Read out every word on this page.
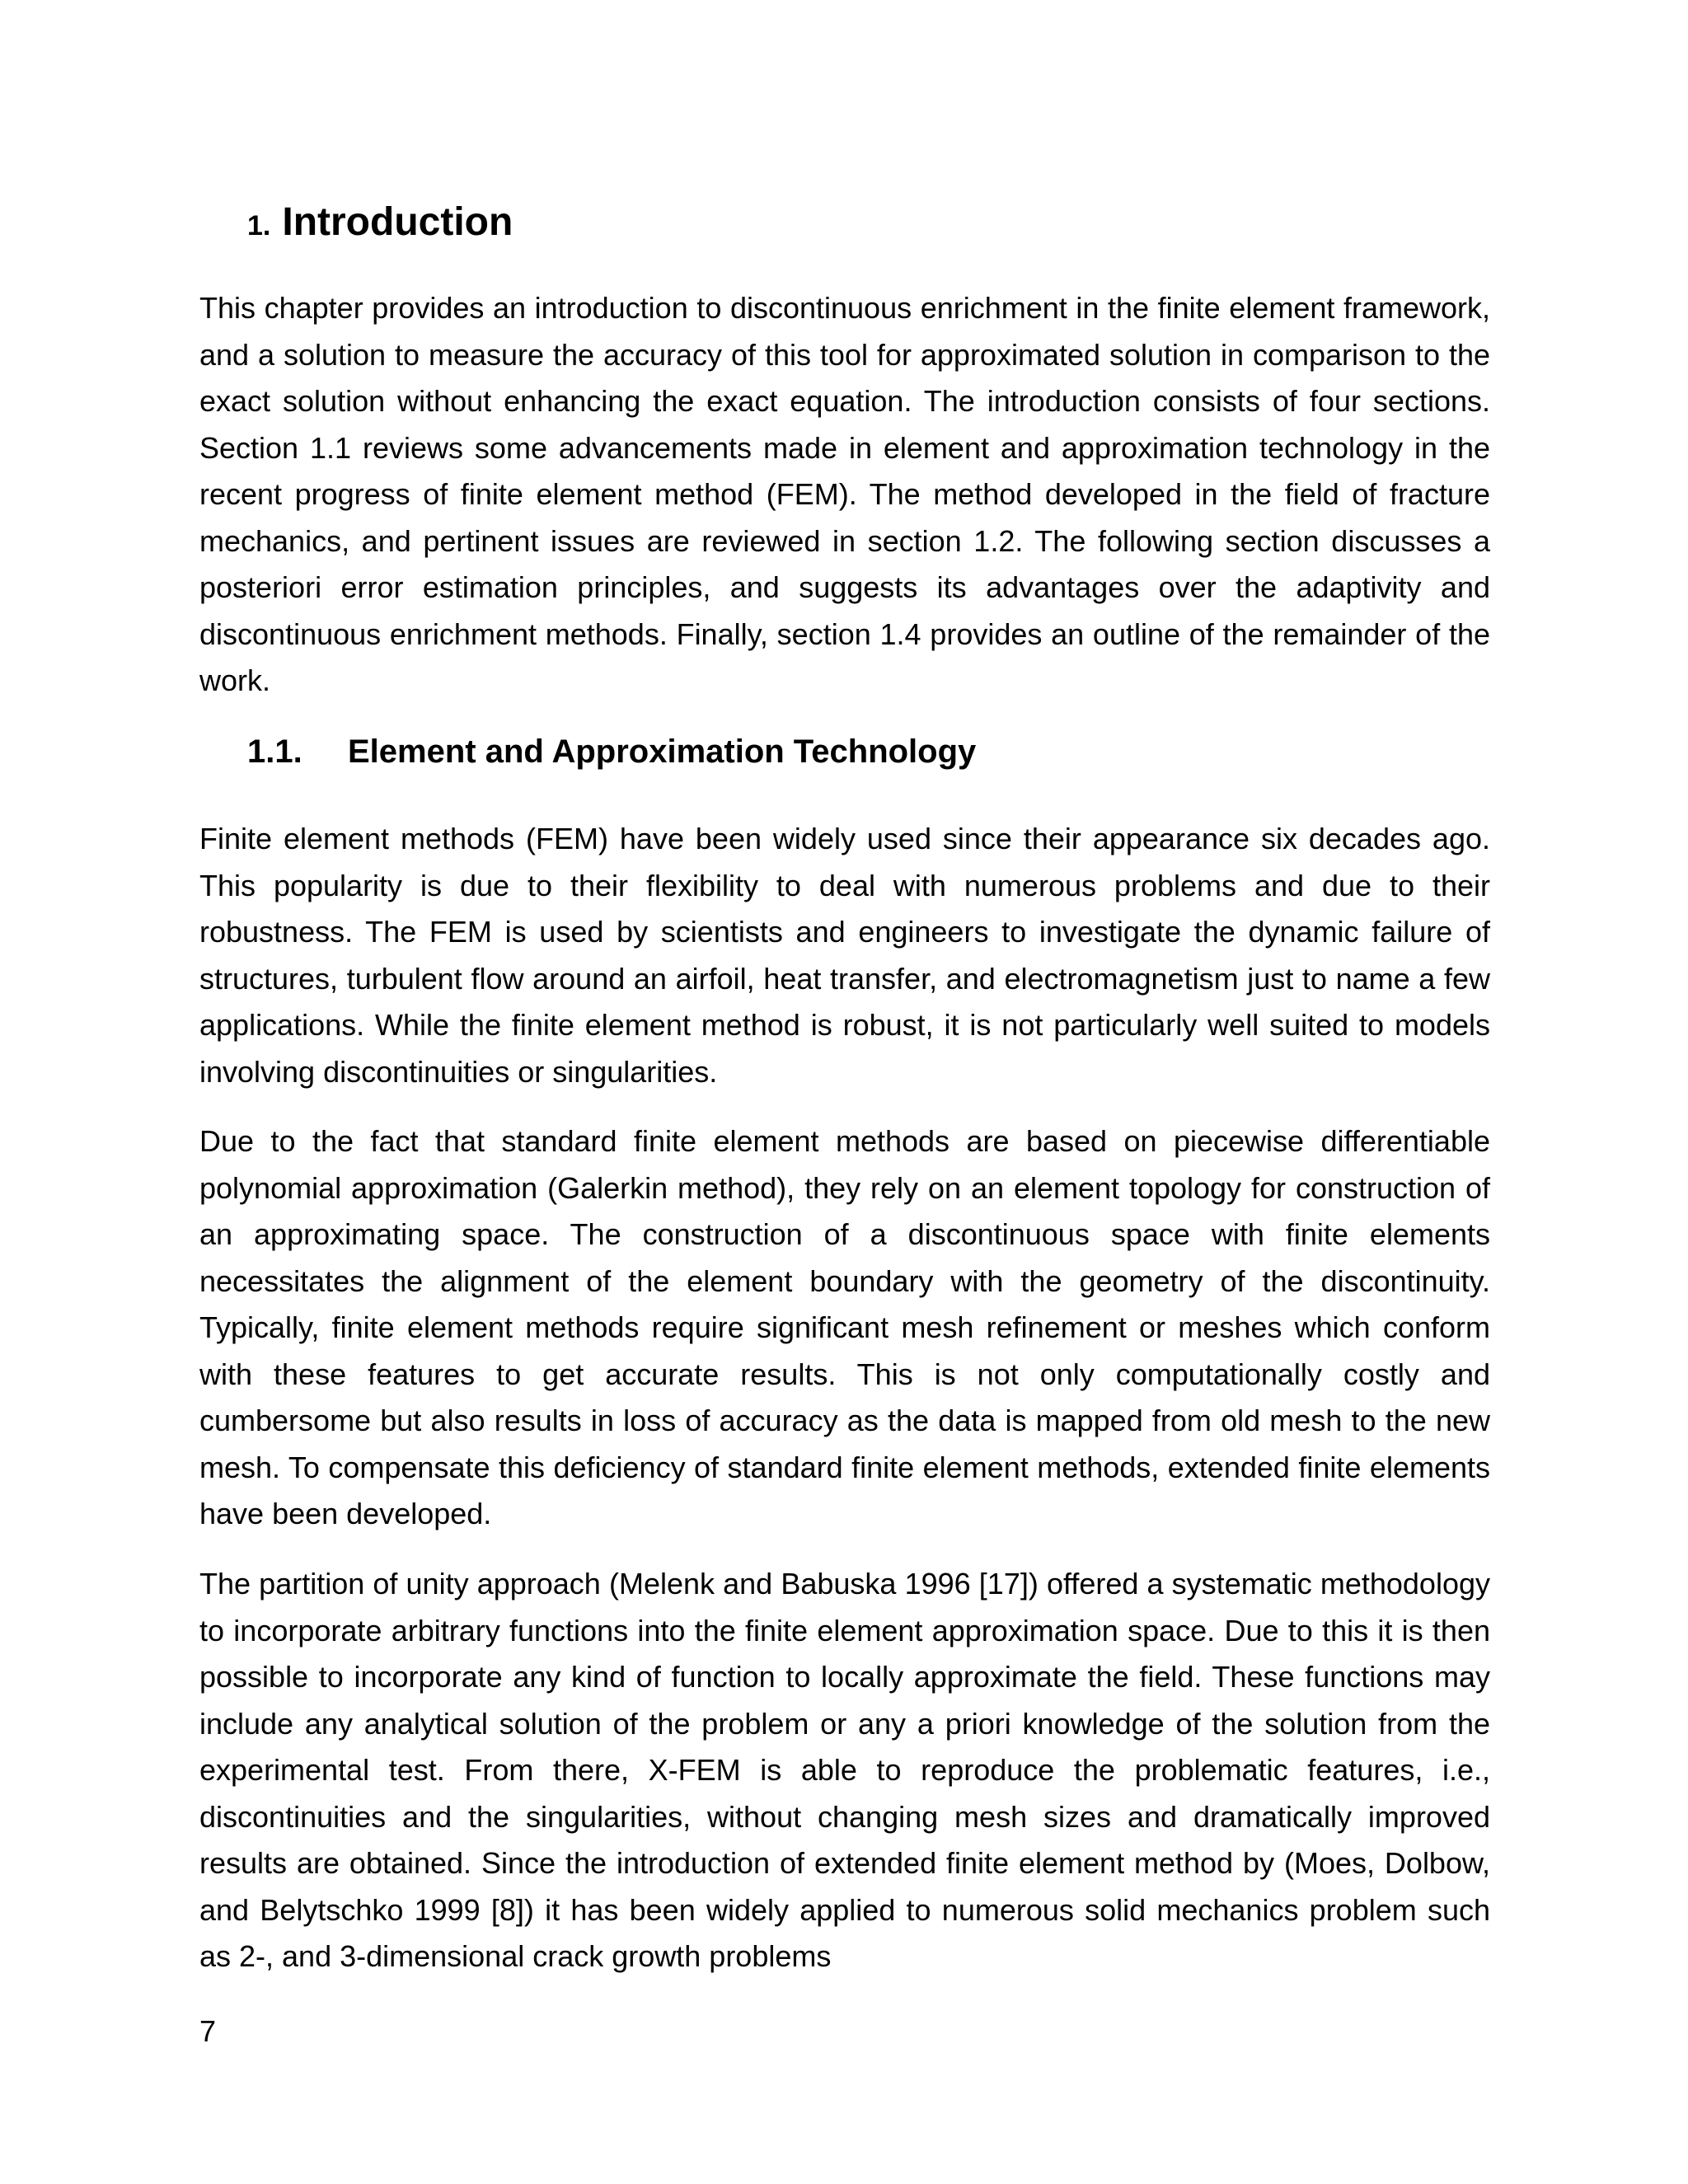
1. Introduction

This chapter provides an introduction to discontinuous enrichment in the finite element framework, and a solution to measure the accuracy of this tool for approximated solution in comparison to the exact solution without enhancing the exact equation. The introduction consists of four sections. Section 1.1 reviews some advancements made in element and approximation technology in the recent progress of finite element method (FEM). The method developed in the field of fracture mechanics, and pertinent issues are reviewed in section 1.2. The following section discusses a posteriori error estimation principles, and suggests its advantages over the adaptivity and discontinuous enrichment methods. Finally, section 1.4 provides an outline of the remainder of the work.

1.1. Element and Approximation Technology

Finite element methods (FEM) have been widely used since their appearance six decades ago. This popularity is due to their flexibility to deal with numerous problems and due to their robustness. The FEM is used by scientists and engineers to investigate the dynamic failure of structures, turbulent flow around an airfoil, heat transfer, and electromagnetism just to name a few applications. While the finite element method is robust, it is not particularly well suited to models involving discontinuities or singularities.

Due to the fact that standard finite element methods are based on piecewise differentiable polynomial approximation (Galerkin method), they rely on an element topology for construction of an approximating space. The construction of a discontinuous space with finite elements necessitates the alignment of the element boundary with the geometry of the discontinuity. Typically, finite element methods require significant mesh refinement or meshes which conform with these features to get accurate results. This is not only computationally costly and cumbersome but also results in loss of accuracy as the data is mapped from old mesh to the new mesh. To compensate this deficiency of standard finite element methods, extended finite elements have been developed.

The partition of unity approach (Melenk and Babuska 1996 [17]) offered a systematic methodology to incorporate arbitrary functions into the finite element approximation space. Due to this it is then possible to incorporate any kind of function to locally approximate the field. These functions may include any analytical solution of the problem or any a priori knowledge of the solution from the experimental test. From there, X-FEM is able to reproduce the problematic features, i.e., discontinuities and the singularities, without changing mesh sizes and dramatically improved results are obtained. Since the introduction of extended finite element method by (Moes, Dolbow, and Belytschko 1999 [8]) it has been widely applied to numerous solid mechanics problem such as 2-, and 3-dimensional crack growth problems

7
